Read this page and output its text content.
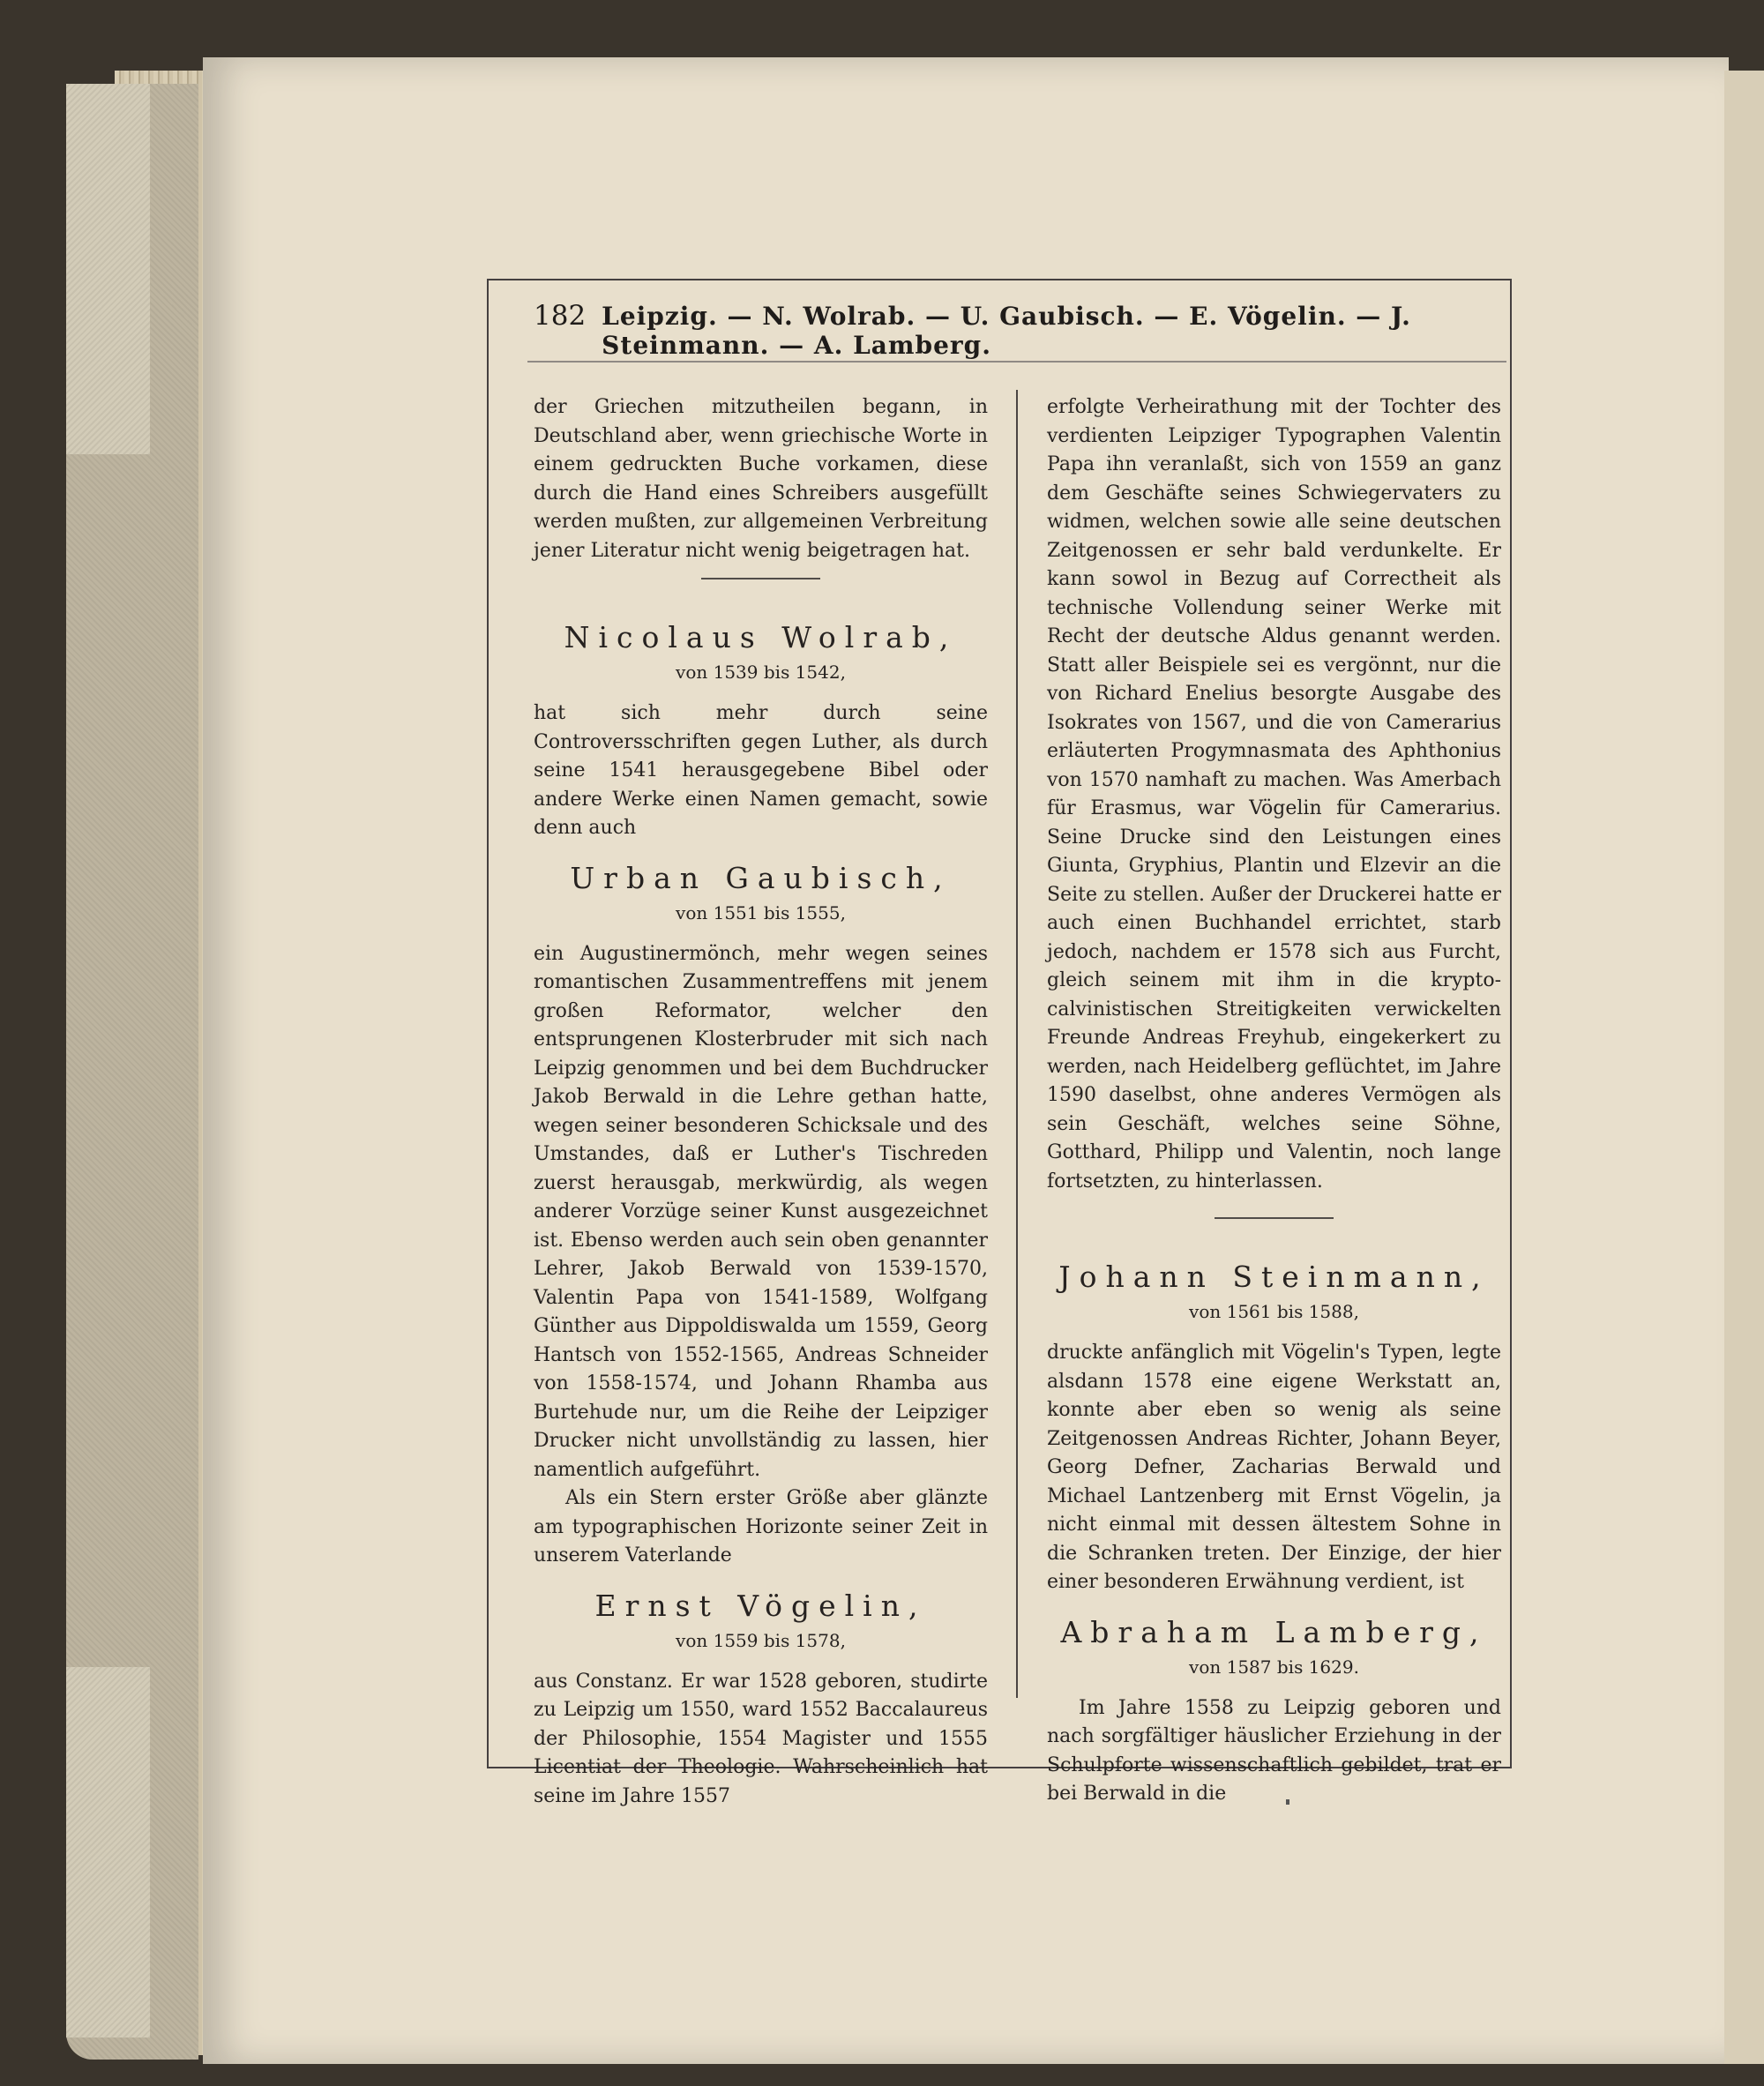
182 Leipzig. — N. Wolrab. — U. Gaubisch. — E. Vögelin. — J. Steinmann. — A. Lamberg.

der Griechen mitzutheilen begann, in Deutschland aber, wenn griechische Worte in einem gedruckten Buche vorkamen, diese durch die Hand eines Schreibers ausgefüllt werden mußten, zur allgemeinen Verbreitung jener Literatur nicht wenig beigetragen hat.

Nicolaus Wolrab,
von 1539 bis 1542,

hat sich mehr durch seine Controversschriften gegen Luther, als durch seine 1541 herausgegebene Bibel oder andere Werke einen Namen gemacht, sowie denn auch

Urban Gaubisch,
von 1551 bis 1555,

ein Augustinermönch, mehr wegen seines romantischen Zusammentreffens mit jenem großen Reformator, welcher den entsprungenen Klosterbruder mit sich nach Leipzig genommen und bei dem Buchdrucker Jakob Berwald in die Lehre gethan hatte, wegen seiner besonderen Schicksale und des Umstandes, daß er Luther's Tischreden zuerst herausgab, merkwürdig, als wegen anderer Vorzüge seiner Kunst ausgezeichnet ist. Ebenso werden auch sein oben genannter Lehrer, Jakob Berwald von 1539-1570, Valentin Papa von 1541-1589, Wolfgang Günther aus Dippoldiswalda um 1559, Georg Hantsch von 1552-1565, Andreas Schneider von 1558-1574, und Johann Rhamba aus Burtehude nur, um die Reihe der Leipziger Drucker nicht unvollständig zu lassen, hier namentlich aufgeführt.

Als ein Stern erster Größe aber glänzte am typographischen Horizonte seiner Zeit in unserem Vaterlande

Ernst Vögelin,
von 1559 bis 1578,

aus Constanz. Er war 1528 geboren, studirte zu Leipzig um 1550, ward 1552 Baccalaureus der Philosophie, 1554 Magister und 1555 Licentiat der Theologie. Wahrscheinlich hat seine im Jahre 1557

erfolgte Verheirathung mit der Tochter des verdienten Leipziger Typographen Valentin Papa ihn veranlaßt, sich von 1559 an ganz dem Geschäfte seines Schwiegervaters zu widmen, welchen sowie alle seine deutschen Zeitgenossen er sehr bald verdunkelte. Er kann sowol in Bezug auf Correctheit als technische Vollendung seiner Werke mit Recht der deutsche Aldus genannt werden. Statt aller Beispiele sei es vergönnt, nur die von Richard Enelius besorgte Ausgabe des Isokrates von 1567, und die von Camerarius erläuterten Progymnasmata des Aphthonius von 1570 namhaft zu machen. Was Amerbach für Erasmus, war Vögelin für Camerarius. Seine Drucke sind den Leistungen eines Giunta, Gryphius, Plantin und Elzevir an die Seite zu stellen. Außer der Druckerei hatte er auch einen Buchhandel errichtet, starb jedoch, nachdem er 1578 sich aus Furcht, gleich seinem mit ihm in die krypto-calvinistischen Streitigkeiten verwickelten Freunde Andreas Freyhub, eingekerkert zu werden, nach Heidelberg geflüchtet, im Jahre 1590 daselbst, ohne anderes Vermögen als sein Geschäft, welches seine Söhne, Gotthard, Philipp und Valentin, noch lange fortsetzten, zu hinterlassen.

Johann Steinmann,
von 1561 bis 1588,

druckte anfänglich mit Vögelin's Typen, legte alsdann 1578 eine eigene Werkstatt an, konnte aber eben so wenig als seine Zeitgenossen Andreas Richter, Johann Beyer, Georg Defner, Zacharias Berwald und Michael Lantzenberg mit Ernst Vögelin, ja nicht einmal mit dessen ältestem Sohne in die Schranken treten. Der Einzige, der hier einer besonderen Erwähnung verdient, ist

Abraham Lamberg,
von 1587 bis 1629.

Im Jahre 1558 zu Leipzig geboren und nach sorgfältiger häuslicher Erziehung in der Schulpforte wissenschaftlich gebildet, trat er bei Berwald in die
